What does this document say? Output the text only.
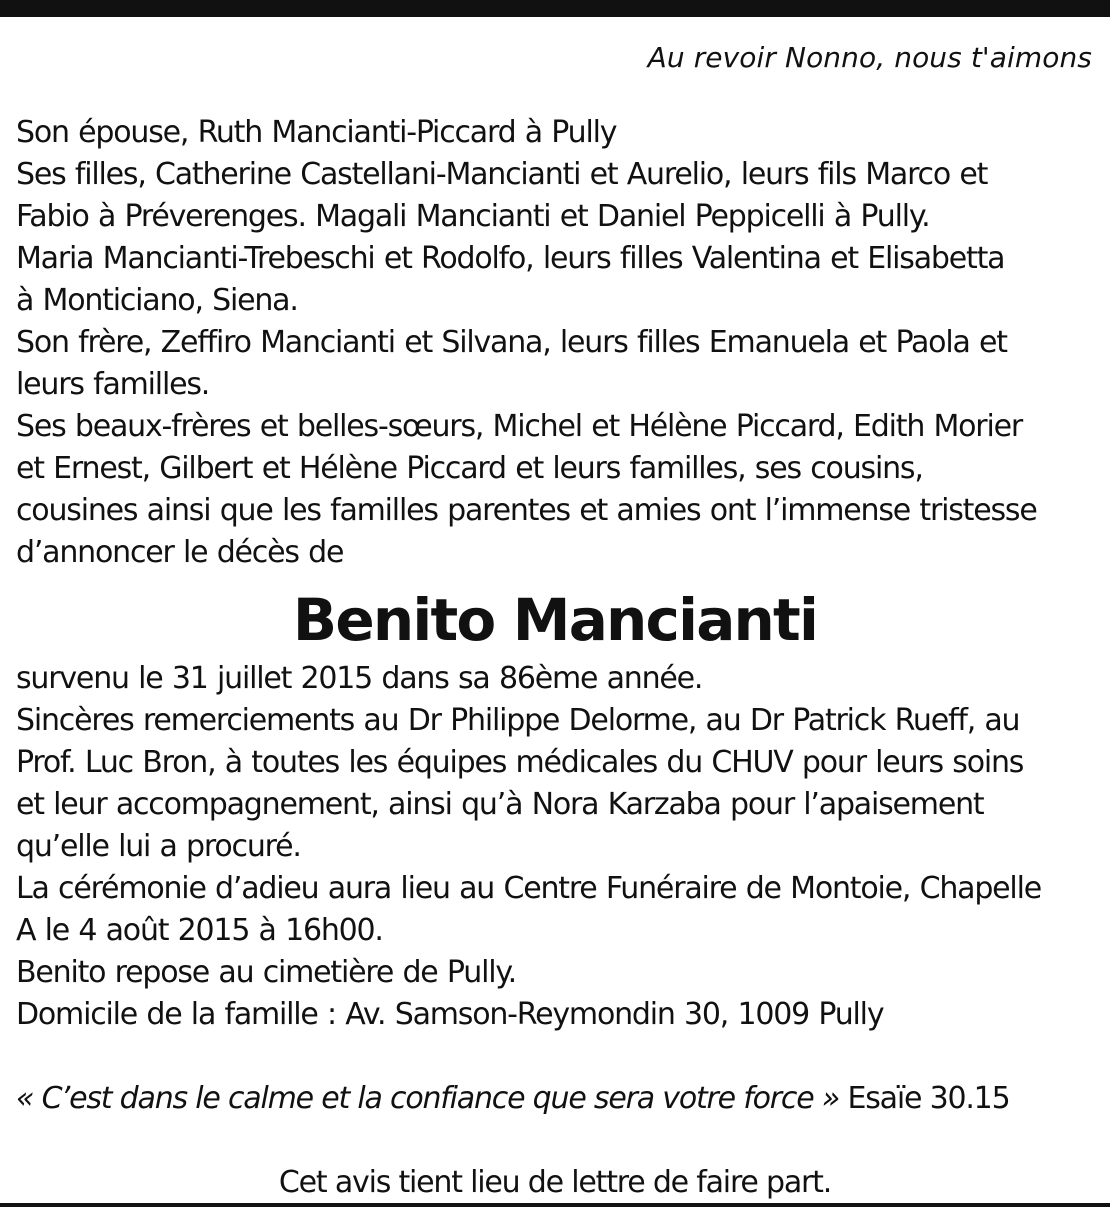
Au revoir Nonno, nous t'aimons
Son épouse, Ruth Mancianti-Piccard à Pully
Ses filles, Catherine Castellani-Mancianti et Aurelio, leurs fils Marco et
Fabio à Préverenges. Magali Mancianti et Daniel Peppicelli à Pully.
Maria Mancianti-Trebeschi et Rodolfo, leurs filles Valentina et Elisabetta
à Monticiano, Siena.
Son frère, Zeffiro Mancianti et Silvana, leurs filles Emanuela et Paola et
leurs familles.
Ses beaux-frères et belles-sœurs, Michel et Hélène Piccard, Edith Morier
et Ernest, Gilbert et Hélène Piccard et leurs familles, ses cousins,
cousines ainsi que les familles parentes et amies ont l’immense tristesse
d’annoncer le décès de
Benito Mancianti
survenu le 31 juillet 2015 dans sa 86ème année.
Sincères remerciements au Dr Philippe Delorme, au Dr Patrick Rueff, au
Prof. Luc Bron, à toutes les équipes médicales du CHUV pour leurs soins
et leur accompagnement, ainsi qu’à Nora Karzaba pour l’apaisement
qu’elle lui a procuré.
La cérémonie d’adieu aura lieu au Centre Funéraire de Montoie, Chapelle
A le 4 août 2015 à 16h00.
Benito repose au cimetière de Pully.
Domicile de la famille : Av. Samson-Reymondin 30, 1009 Pully
« C’est dans le calme et la confiance que sera votre force » Esaïe 30.15
Cet avis tient lieu de lettre de faire part.
